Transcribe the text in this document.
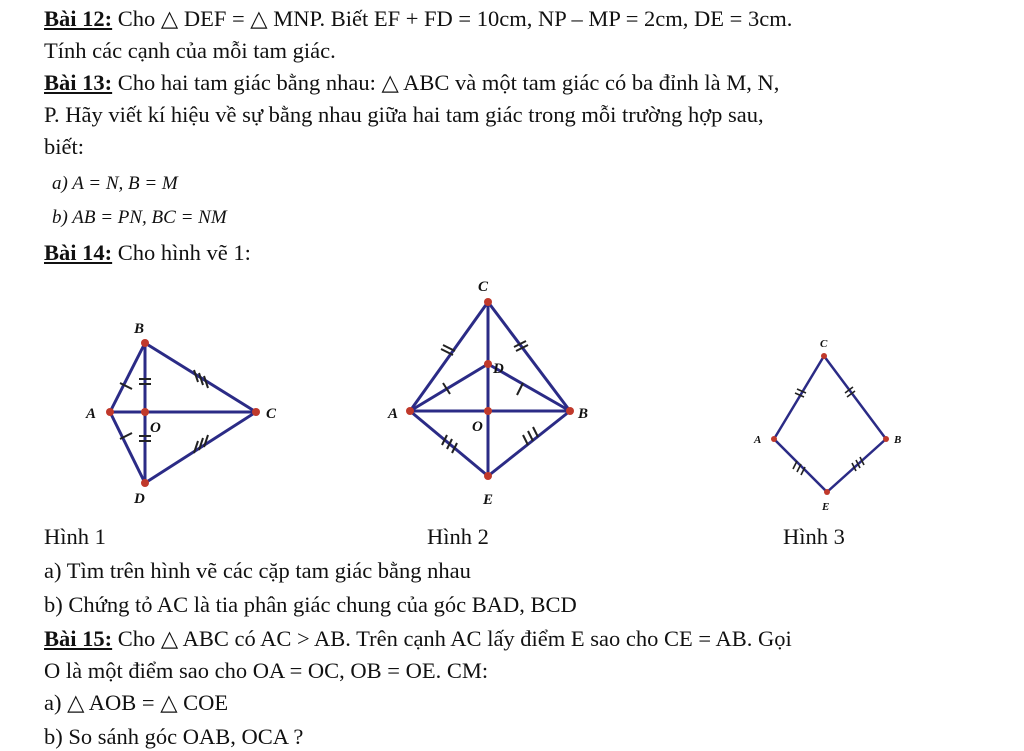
Bài 12: Cho △ DEF = △ MNP. Biết EF + FD = 10cm, NP – MP = 2cm, DE = 3cm.
Tính các cạnh của mỗi tam giác.
Bài 13: Cho hai tam giác bằng nhau: △ ABC và một tam giác có ba đỉnh là M, N,
P. Hãy viết kí hiệu về sự bằng nhau giữa hai tam giác trong mỗi trường hợp sau,
biết:
a) A = N, B = M
b) AB = PN, BC = NM
Bài 14: Cho hình vẽ 1:
B
A
O
C
D
C
D
A
O
B
E
C
A	B
E
Hình 1	Hình 2	Hình 3
a) Tìm trên hình vẽ các cặp tam giác bằng nhau
b) Chứng tỏ AC là tia phân giác chung của góc BAD, BCD
Bài 15: Cho △ ABC có AC > AB. Trên cạnh AC lấy điểm E sao cho CE = AB. Gọi
O là một điểm sao cho OA = OC, OB = OE. CM:
a) △ AOB = △ COE
b) So sánh góc OAB, OCA ?
